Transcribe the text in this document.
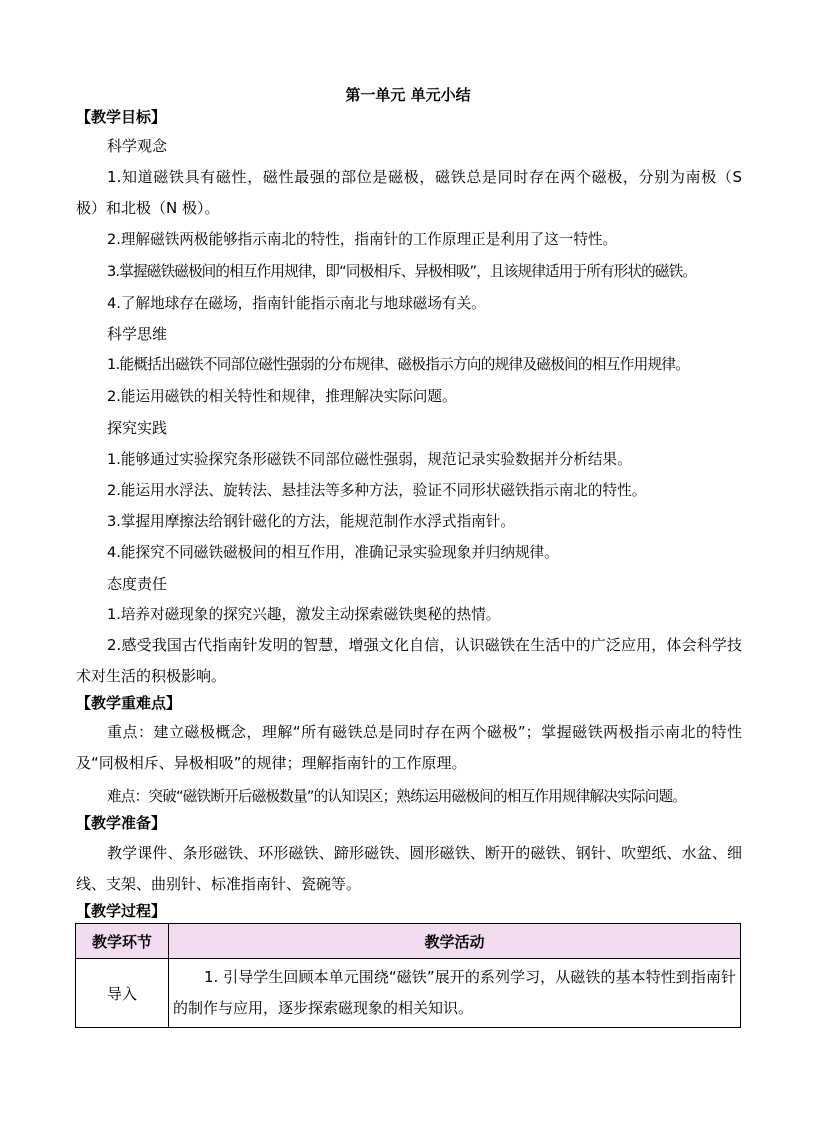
第一单元 单元小结
【教学目标】
科学观念

1.知道磁铁具有磁性，磁性最强的部位是磁极，磁铁总是同时存在两个磁极，分别为南极（S 极）和北极（N 极）。

2.理解磁铁两极能够指示南北的特性，指南针的工作原理正是利用了这一特性。
3.掌握磁铁磁极间的相互作用规律，即“同极相斥、异极相吸”，且该规律适用于所有形状的磁铁。
4.了解地球存在磁场，指南针能指示南北与地球磁场有关。
科学思维
1.能概括出磁铁不同部位磁性强弱的分布规律、磁极指示方向的规律及磁极间的相互作用规律。
2.能运用磁铁的相关特性和规律，推理解决实际问题。
探究实践
1.能够通过实验探究条形磁铁不同部位磁性强弱，规范记录实验数据并分析结果。
2.能运用水浮法、旋转法、悬挂法等多种方法，验证不同形状磁铁指示南北的特性。
3.掌握用摩擦法给钢针磁化的方法，能规范制作水浮式指南针。
4.能探究不同磁铁磁极间的相互作用，准确记录实验现象并归纳规律。
态度责任
1.培养对磁现象的探究兴趣，激发主动探索磁铁奥秘的热情。

2.感受我国古代指南针发明的智慧，增强文化自信，认识磁铁在生活中的广泛应用，体会科学技术对生活的积极影响。

【教学重难点】

重点：建立磁极概念，理解“所有磁铁总是同时存在两个磁极”；掌握磁铁两极指示南北的特性及“同极相斥、异极相吸”的规律；理解指南针的工作原理。

难点：突破“磁铁断开后磁极数量”的认知误区；熟练运用磁极间的相互作用规律解决实际问题。
【教学准备】

教学课件、条形磁铁、环形磁铁、蹄形磁铁、圆形磁铁、断开的磁铁、钢针、吹塑纸、水盆、细线、支架、曲别针、标准指南针、瓷碗等。

【教学过程】
教学环节	教学活动
导入	1. 引导学生回顾本单元围绕“磁铁”展开的系列学习，从磁铁的基本特性到指南针的制作与应用，逐步探索磁现象的相关知识。
